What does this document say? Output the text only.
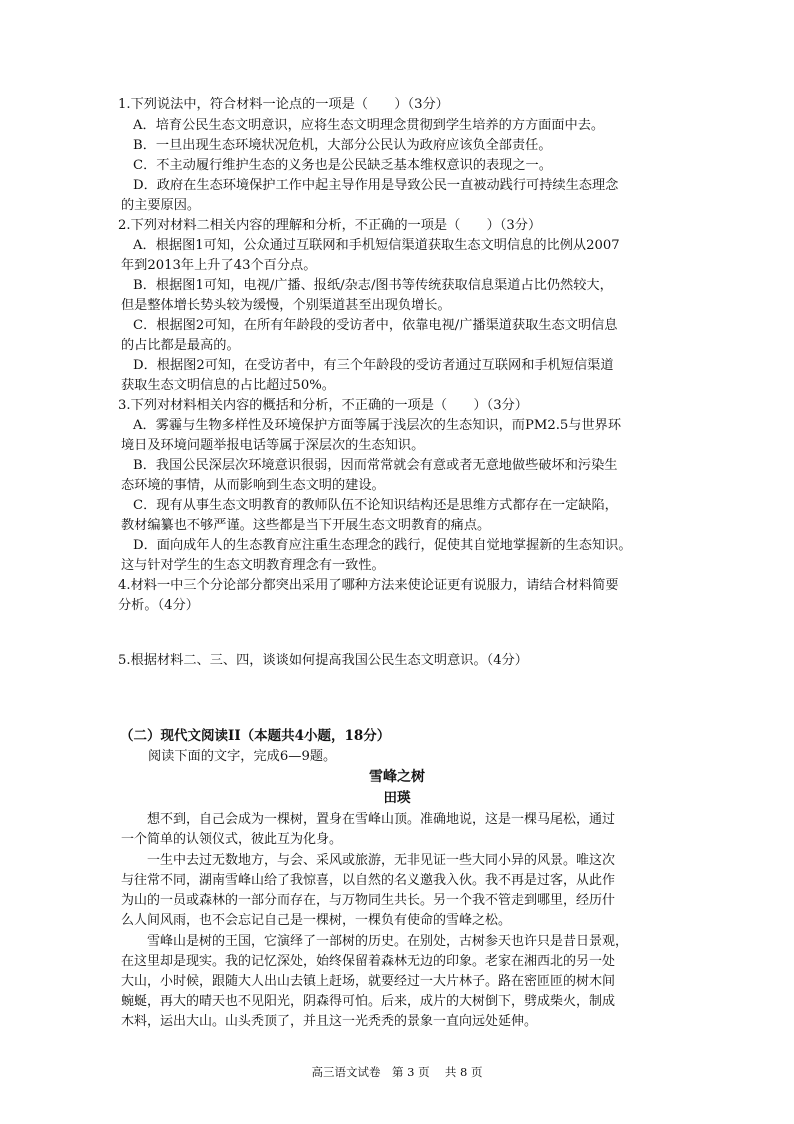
1.下列说法中，符合材料一论点的一项是（　　）（3分）
A．培育公民生态文明意识，应将生态文明理念贯彻到学生培养的方方面面中去。
B．一旦出现生态环境状况危机，大部分公民认为政府应该负全部责任。
C．不主动履行维护生态的义务也是公民缺乏基本维权意识的表现之一。
D．政府在生态环境保护工作中起主导作用是导致公民一直被动践行可持续生态理念
的主要原因。
2.下列对材料二相关内容的理解和分析，不正确的一项是（　　）（3分）
A．根据图1可知，公众通过互联网和手机短信渠道获取生态文明信息的比例从2007
年到2013年上升了43个百分点。
B．根据图1可知，电视/广播、报纸/杂志/图书等传统获取信息渠道占比仍然较大，
但是整体增长势头较为缓慢，个别渠道甚至出现负增长。
C．根据图2可知，在所有年龄段的受访者中，依靠电视/广播渠道获取生态文明信息
的占比都是最高的。
D．根据图2可知，在受访者中，有三个年龄段的受访者通过互联网和手机短信渠道
获取生态文明信息的占比超过50%。
3.下列对材料相关内容的概括和分析，不正确的一项是（　　）（3分）
A．雾霾与生物多样性及环境保护方面等属于浅层次的生态知识，而PM2.5与世界环
境日及环境问题举报电话等属于深层次的生态知识。
B．我国公民深层次环境意识很弱，因而常常就会有意或者无意地做些破坏和污染生
态环境的事情，从而影响到生态文明的建设。
C．现有从事生态文明教育的教师队伍不论知识结构还是思维方式都存在一定缺陷，
教材编纂也不够严谨。这些都是当下开展生态文明教育的痛点。
D．面向成年人的生态教育应注重生态理念的践行，促使其自觉地掌握新的生态知识。
这与针对学生的生态文明教育理念有一致性。
4.材料一中三个分论部分都突出采用了哪种方法来使论证更有说服力，请结合材料简要
分析。（4分）
5.根据材料二、三、四，谈谈如何提高我国公民生态文明意识。（4分）
（二）现代文阅读II（本题共4小题，18分）
阅读下面的文字，完成6—9题。
雪峰之树
田瑛
　　想不到，自己会成为一棵树，置身在雪峰山顶。准确地说，这是一棵马尾松，通过
一个简单的认领仪式，彼此互为化身。
　　一生中去过无数地方，与会、采风或旅游，无非见证一些大同小异的风景。唯这次
与往常不同，湖南雪峰山给了我惊喜，以自然的名义邀我入伙。我不再是过客，从此作
为山的一员或森林的一部分而存在，与万物同生共长。另一个我不管走到哪里，经历什
么人间风雨，也不会忘记自己是一棵树，一棵负有使命的雪峰之松。
　　雪峰山是树的王国，它演绎了一部树的历史。在别处，古树参天也许只是昔日景观，
在这里却是现实。我的记忆深处，始终保留着森林无边的印象。老家在湘西北的另一处
大山，小时候，跟随大人出山去镇上赶场，就要经过一大片林子。路在密匝匝的树木间
蜿蜒，再大的晴天也不见阳光，阴森得可怕。后来，成片的大树倒下，劈成柴火，制成
木料，运出大山。山头秃顶了，并且这一光秃秃的景象一直向远处延伸。
高三语文试卷　第 3 页　 共 8 页
